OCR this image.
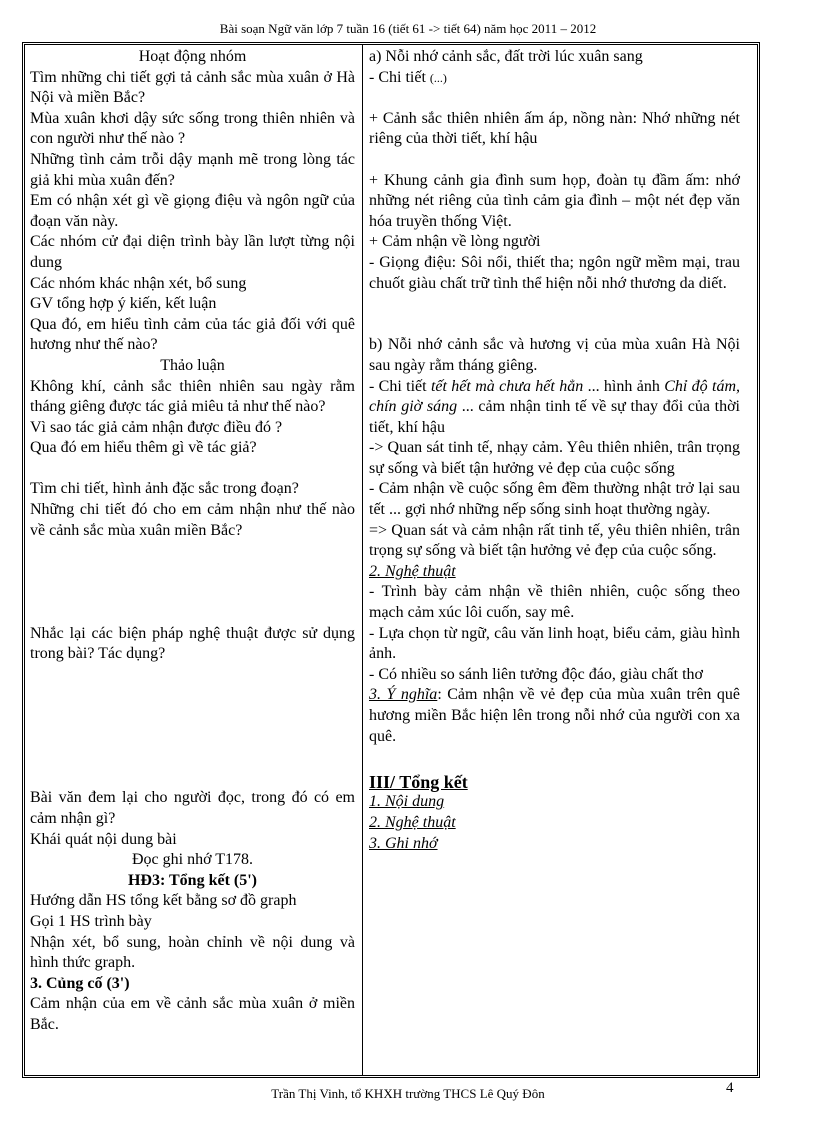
Bài soạn Ngữ văn lớp 7 tuần 16 (tiết 61 -> tiết 64) năm học 2011 – 2012

Hoạt động nhóm

Tìm những chi tiết gợi tả cảnh sắc mùa xuân ở Hà Nội và miền Bắc?

Mùa xuân khơi dậy sức sống trong thiên nhiên và con người như thế nào ?

Những tình cảm trỗi dậy mạnh mẽ trong lòng tác giả khi mùa xuân đến?

Em có nhận xét gì về giọng điệu và ngôn ngữ của đoạn văn này.

Các nhóm cử đại diện trình bày lần lượt từng nội dung

Các nhóm khác nhận xét, bổ sung

GV tổng hợp ý kiến, kết luận

Qua đó, em hiểu tình cảm của tác giả đối với quê hương như thế nào?

Thảo luận

Không khí, cảnh sắc thiên nhiên sau ngày rằm tháng giêng được tác giả miêu tả như thế nào?

Vì sao tác giả cảm nhận được điều đó ?

Qua đó em hiểu thêm gì về tác giả?

Tìm chi tiết, hình ảnh đặc sắc trong đoạn?

Những chi tiết đó cho em cảm nhận như thế nào về cảnh sắc mùa xuân miền Bắc?

Nhắc lại các biện pháp nghệ thuật được sử dụng trong bài? Tác dụng?

Bài văn đem lại cho người đọc, trong đó có em cảm nhận gì?

Khái quát nội dung bài

Đọc ghi nhớ T178.

HĐ3: Tổng kết (5')

Hướng dẫn HS tổng kết bằng sơ đồ graph

Gọi 1 HS trình bày

Nhận xét, bổ sung, hoàn chỉnh về nội dung và hình thức graph.

3. Củng cố (3')

Cảm nhận của em về cảnh sắc mùa xuân ở miền Bắc.

a) Nỗi nhớ cảnh sắc, đất trời lúc xuân sang

- Chi tiết (...)

+ Cảnh sắc thiên nhiên ấm áp, nồng nàn: Nhớ những nét riêng của thời tiết, khí hậu

+ Khung cảnh gia đình sum họp, đoàn tụ đầm ấm: nhớ những nét riêng của tình cảm gia đình – một nét đẹp văn hóa truyền thống Việt.

+ Cảm nhận về lòng người

- Giọng điệu: Sôi nổi, thiết tha; ngôn ngữ mềm mại, trau chuốt giàu chất trữ tình thể hiện nỗi nhớ thương da diết.

b) Nỗi nhớ cảnh sắc và hương vị của mùa xuân Hà Nội sau ngày rằm tháng giêng.

- Chi tiết tết hết mà chưa hết hẳn ... hình ảnh Chỉ độ tám, chín giờ sáng ... cảm nhận tinh tế về sự thay đổi của thời tiết, khí hậu

-> Quan sát tinh tế, nhạy cảm. Yêu thiên nhiên, trân trọng sự sống và biết tận hưởng vẻ đẹp của cuộc sống

- Cảm nhận về cuộc sống êm đềm thường nhật trở lại sau tết ... gợi nhớ những nếp sống sinh hoạt thường ngày.

=> Quan sát và cảm nhận rất tinh tế, yêu thiên nhiên, trân trọng sự sống và biết tận hưởng vẻ đẹp của cuộc sống.

2. Nghệ thuật

- Trình bày cảm nhận về thiên nhiên, cuộc sống theo mạch cảm xúc lôi cuốn, say mê.

- Lựa chọn từ ngữ, câu văn linh hoạt, biểu cảm, giàu hình ảnh.

- Có nhiều so sánh liên tưởng độc đáo, giàu chất thơ

3. Ý nghĩa: Cảm nhận về vẻ đẹp của mùa xuân trên quê hương miền Bắc hiện lên trong nỗi nhớ của người con xa quê.

III/ Tổng kết

1. Nội dung

2. Nghệ thuật

3. Ghi nhớ

4
Trần Thị Vinh, tổ KHXH trường THCS Lê Quý Đôn
